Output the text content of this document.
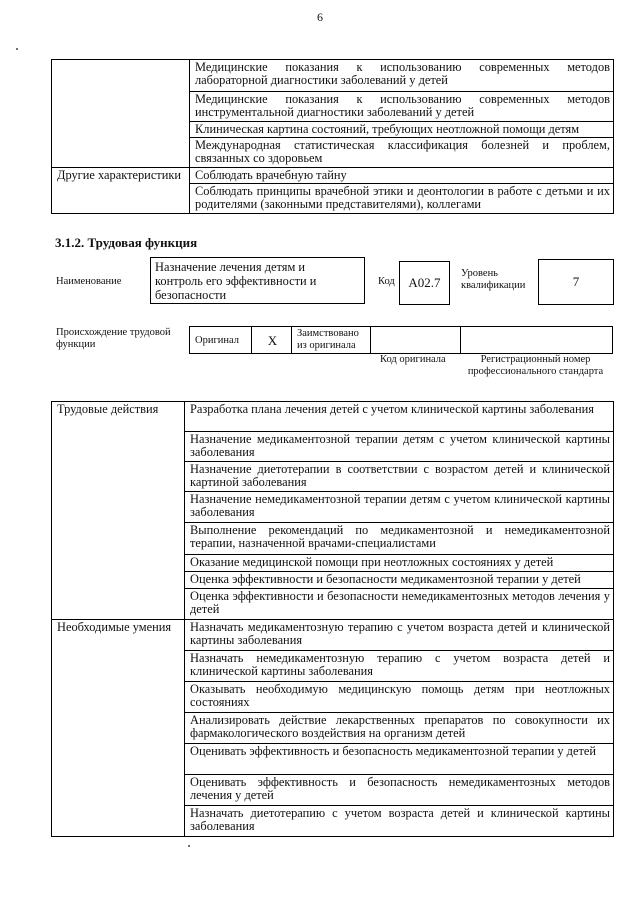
6
	Медицинские показания к использованию современных методов лабораторной диагностики заболеваний у детей
	Медицинские показания к использованию современных методов инструментальной диагностики заболеваний у детей
	Клиническая картина состояний, требующих неотложной помощи детям
	Международная статистическая классификация болезней и проблем, связанных со здоровьем
Другие характеристики	Соблюдать врачебную тайну
	Соблюдать принципы врачебной этики и деонтологии в работе с детьми и их родителями (законными представителями), коллегами
3.1.2. Трудовая функция
Наименование
Назначение лечения детям и контроль его эффективности и безопасности
Код	A02.7
Уровень квалификации	7
Происхождение трудовой функции	Оригинал	X	Заимствовано из оригинала		
Код оригинала	Регистрационный номер профессионального стандарта
Трудовые действия	Разработка плана лечения детей с учетом клинической картины заболевания
	Назначение медикаментозной терапии детям с учетом клинической картины заболевания
	Назначение диетотерапии в соответствии с возрастом детей и клинической картиной заболевания
	Назначение немедикаментозной терапии детям с учетом клинической картины заболевания
	Выполнение рекомендаций по медикаментозной и немедикаментозной терапии, назначенной врачами-специалистами
	Оказание медицинской помощи при неотложных состояниях у детей
	Оценка эффективности и безопасности медикаментозной терапии у детей
	Оценка эффективности и безопасности немедикаментозных методов лечения у детей
Необходимые умения	Назначать медикаментозную терапию с учетом возраста детей и клинической картины заболевания
	Назначать немедикаментозную терапию с учетом возраста детей и клинической картины заболевания
	Оказывать необходимую медицинскую помощь детям при неотложных состояниях
	Анализировать действие лекарственных препаратов по совокупности их фармакологического воздействия на организм детей
	Оценивать эффективность и безопасность медикаментозной терапии у детей
	Оценивать эффективность и безопасность немедикаментозных методов лечения у детей
	Назначать диетотерапию с учетом возраста детей и клинической картины заболевания
